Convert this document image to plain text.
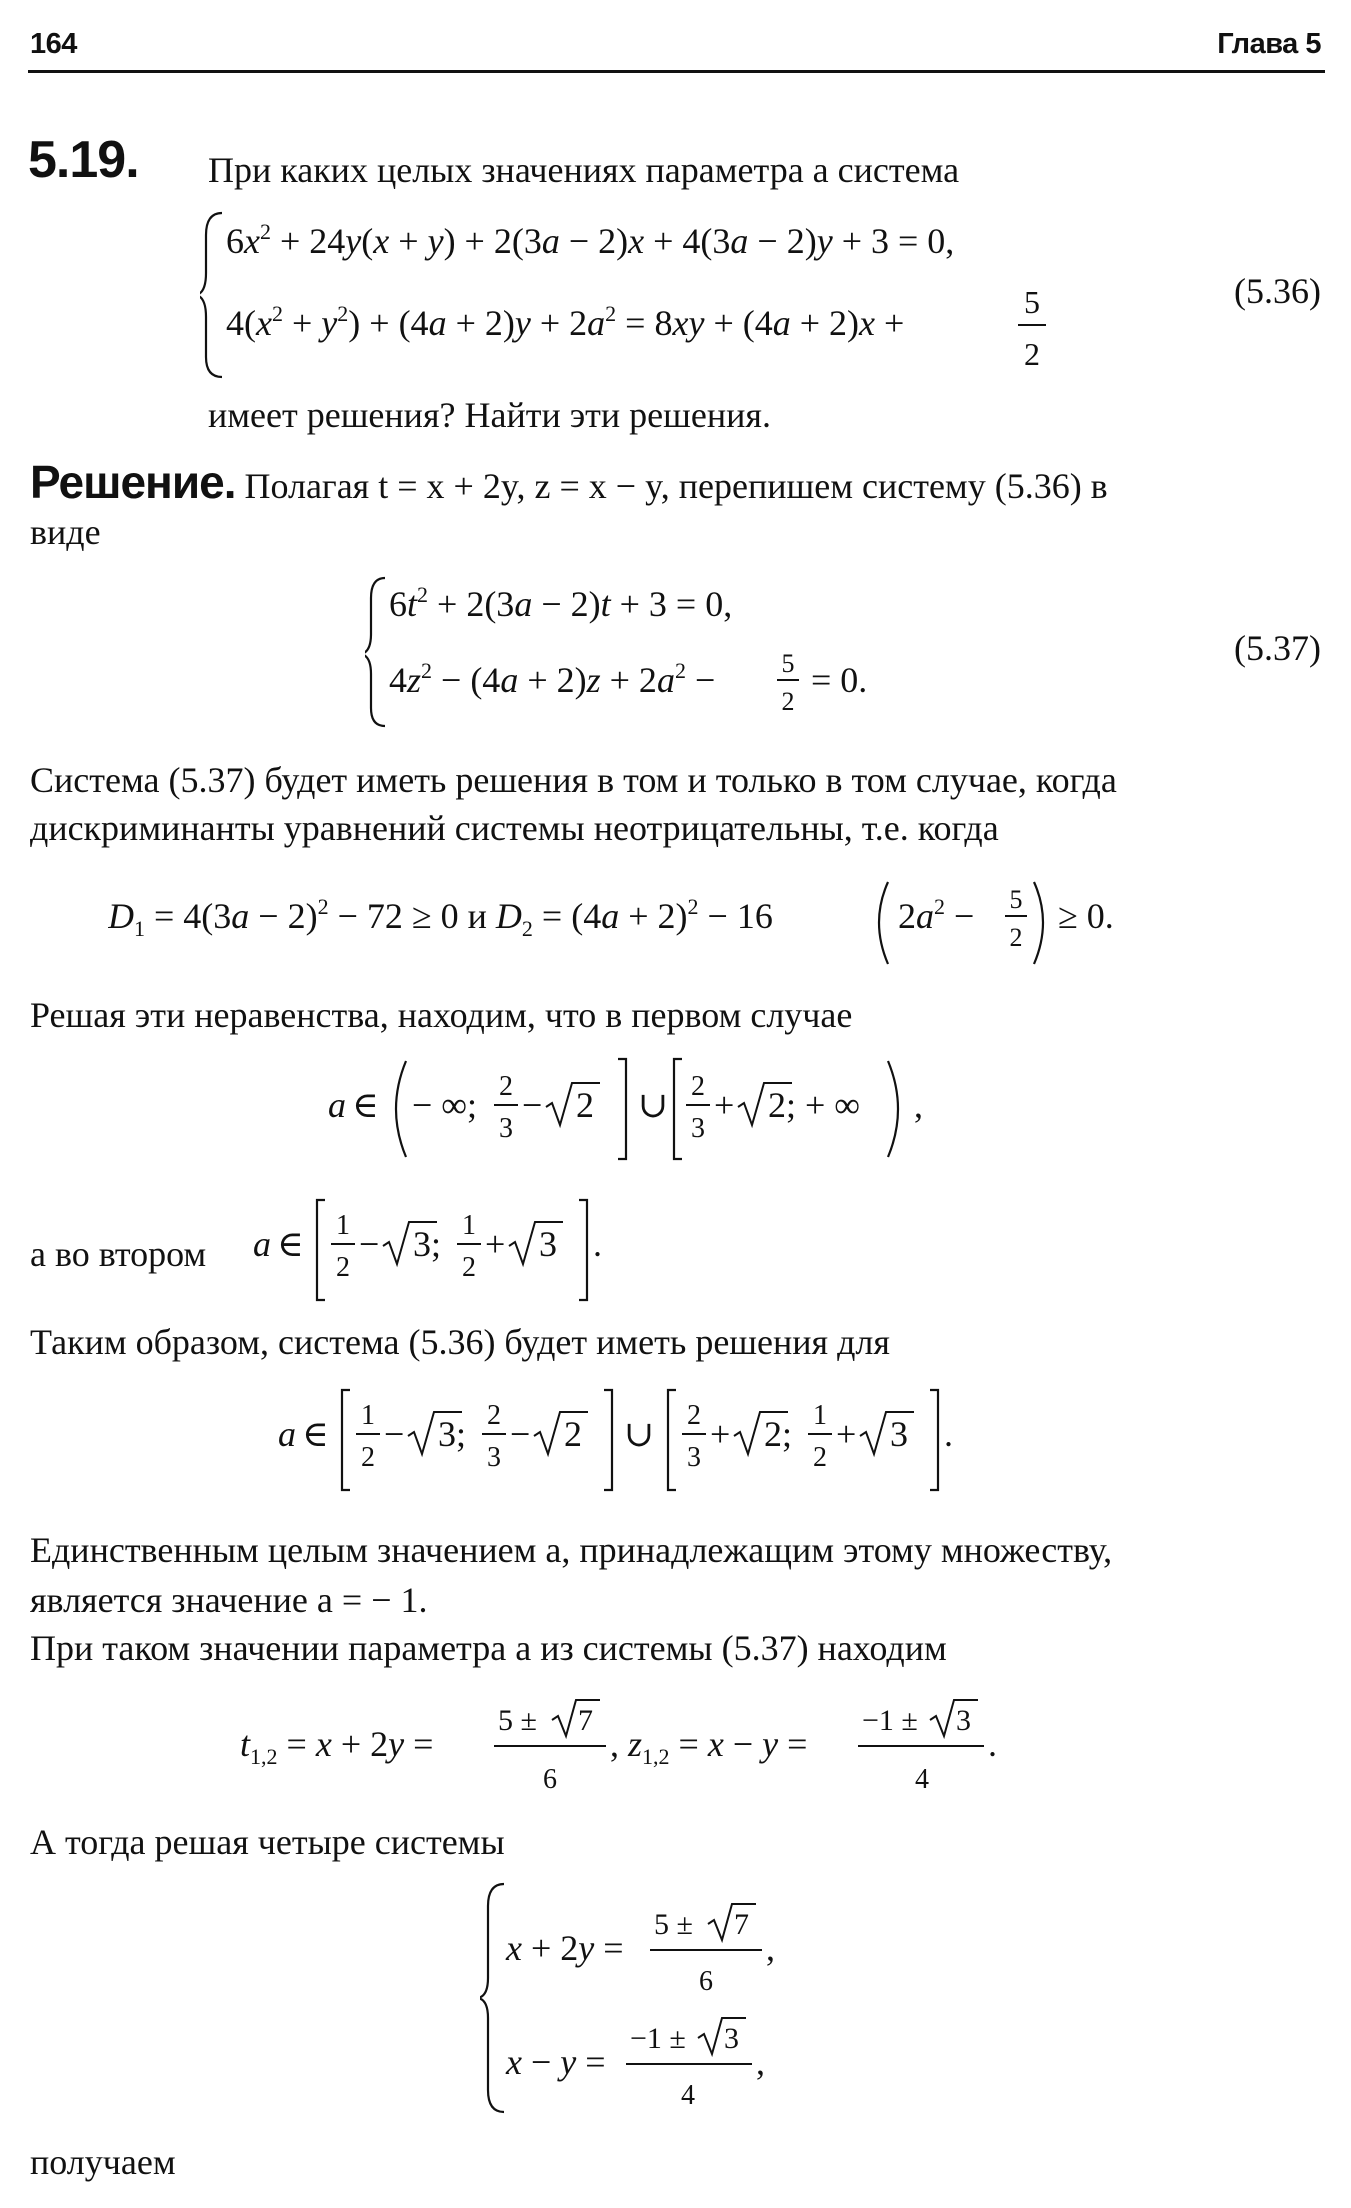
164	Глава 5
5.19. При каких целых значениях параметра a система
$6x^2 + 24y(x + y) + 2(3a - 2)x + 4(3a - 2)y + 3 = 0$,
$4(x^2 + y^2) + (4a + 2)y + 2a^2 = 8xy + (4a + 2)x$ +
5
2
(5.36)
имеет решения? Найти эти решения.
Решение. Полагая t = x + 2y, z = x − y, перепишем систему (5.36) в
виде
$6t^2 + 2(3a - 2)t + 3 = 0$,
$4z^2 - (4a + 2)z + 2a^2$ −	5
2
= 0.
(5.37)
Система (5.37) будет иметь решения в том и только в том случае, когда
дискриминанты уравнений системы неотрицательны, т.е. когда
$D_1 = 4(3a - 2)^2 - 72 \ge 0$ и $D_2 = (4a + 2)^2 - 16$	$2a^2 - 5$
2
≥ 0.
Решая эти неравенства, находим, что в первом случае
a ∈ − ∞; 2
3
− 2 ∪ 2
3
+ 2; + ∞ ,
а во втором a ∈ 1
2
− 3; 1
2
+ 3 .
Таким образом, система (5.36) будет иметь решения для
a ∈ 1
2
− 3; 2
3
− 2 ∪ 2
3
+ 2; 1
2
+ 3 .
Единственным целым значением a, принадлежащим этому множеству,
является значение a = − 1.
При таком значении параметра a из системы (5.37) находим
$t_{1,2} = x + 2y$ =
5 ± 7
6
, $z_{1,2} = x - y$ =
−1 ± 3
4
.
А тогда решая четыре системы
x + 2y =
5 ± 7
6
,
x − y =
−1 ± 3
4
,
получаем
